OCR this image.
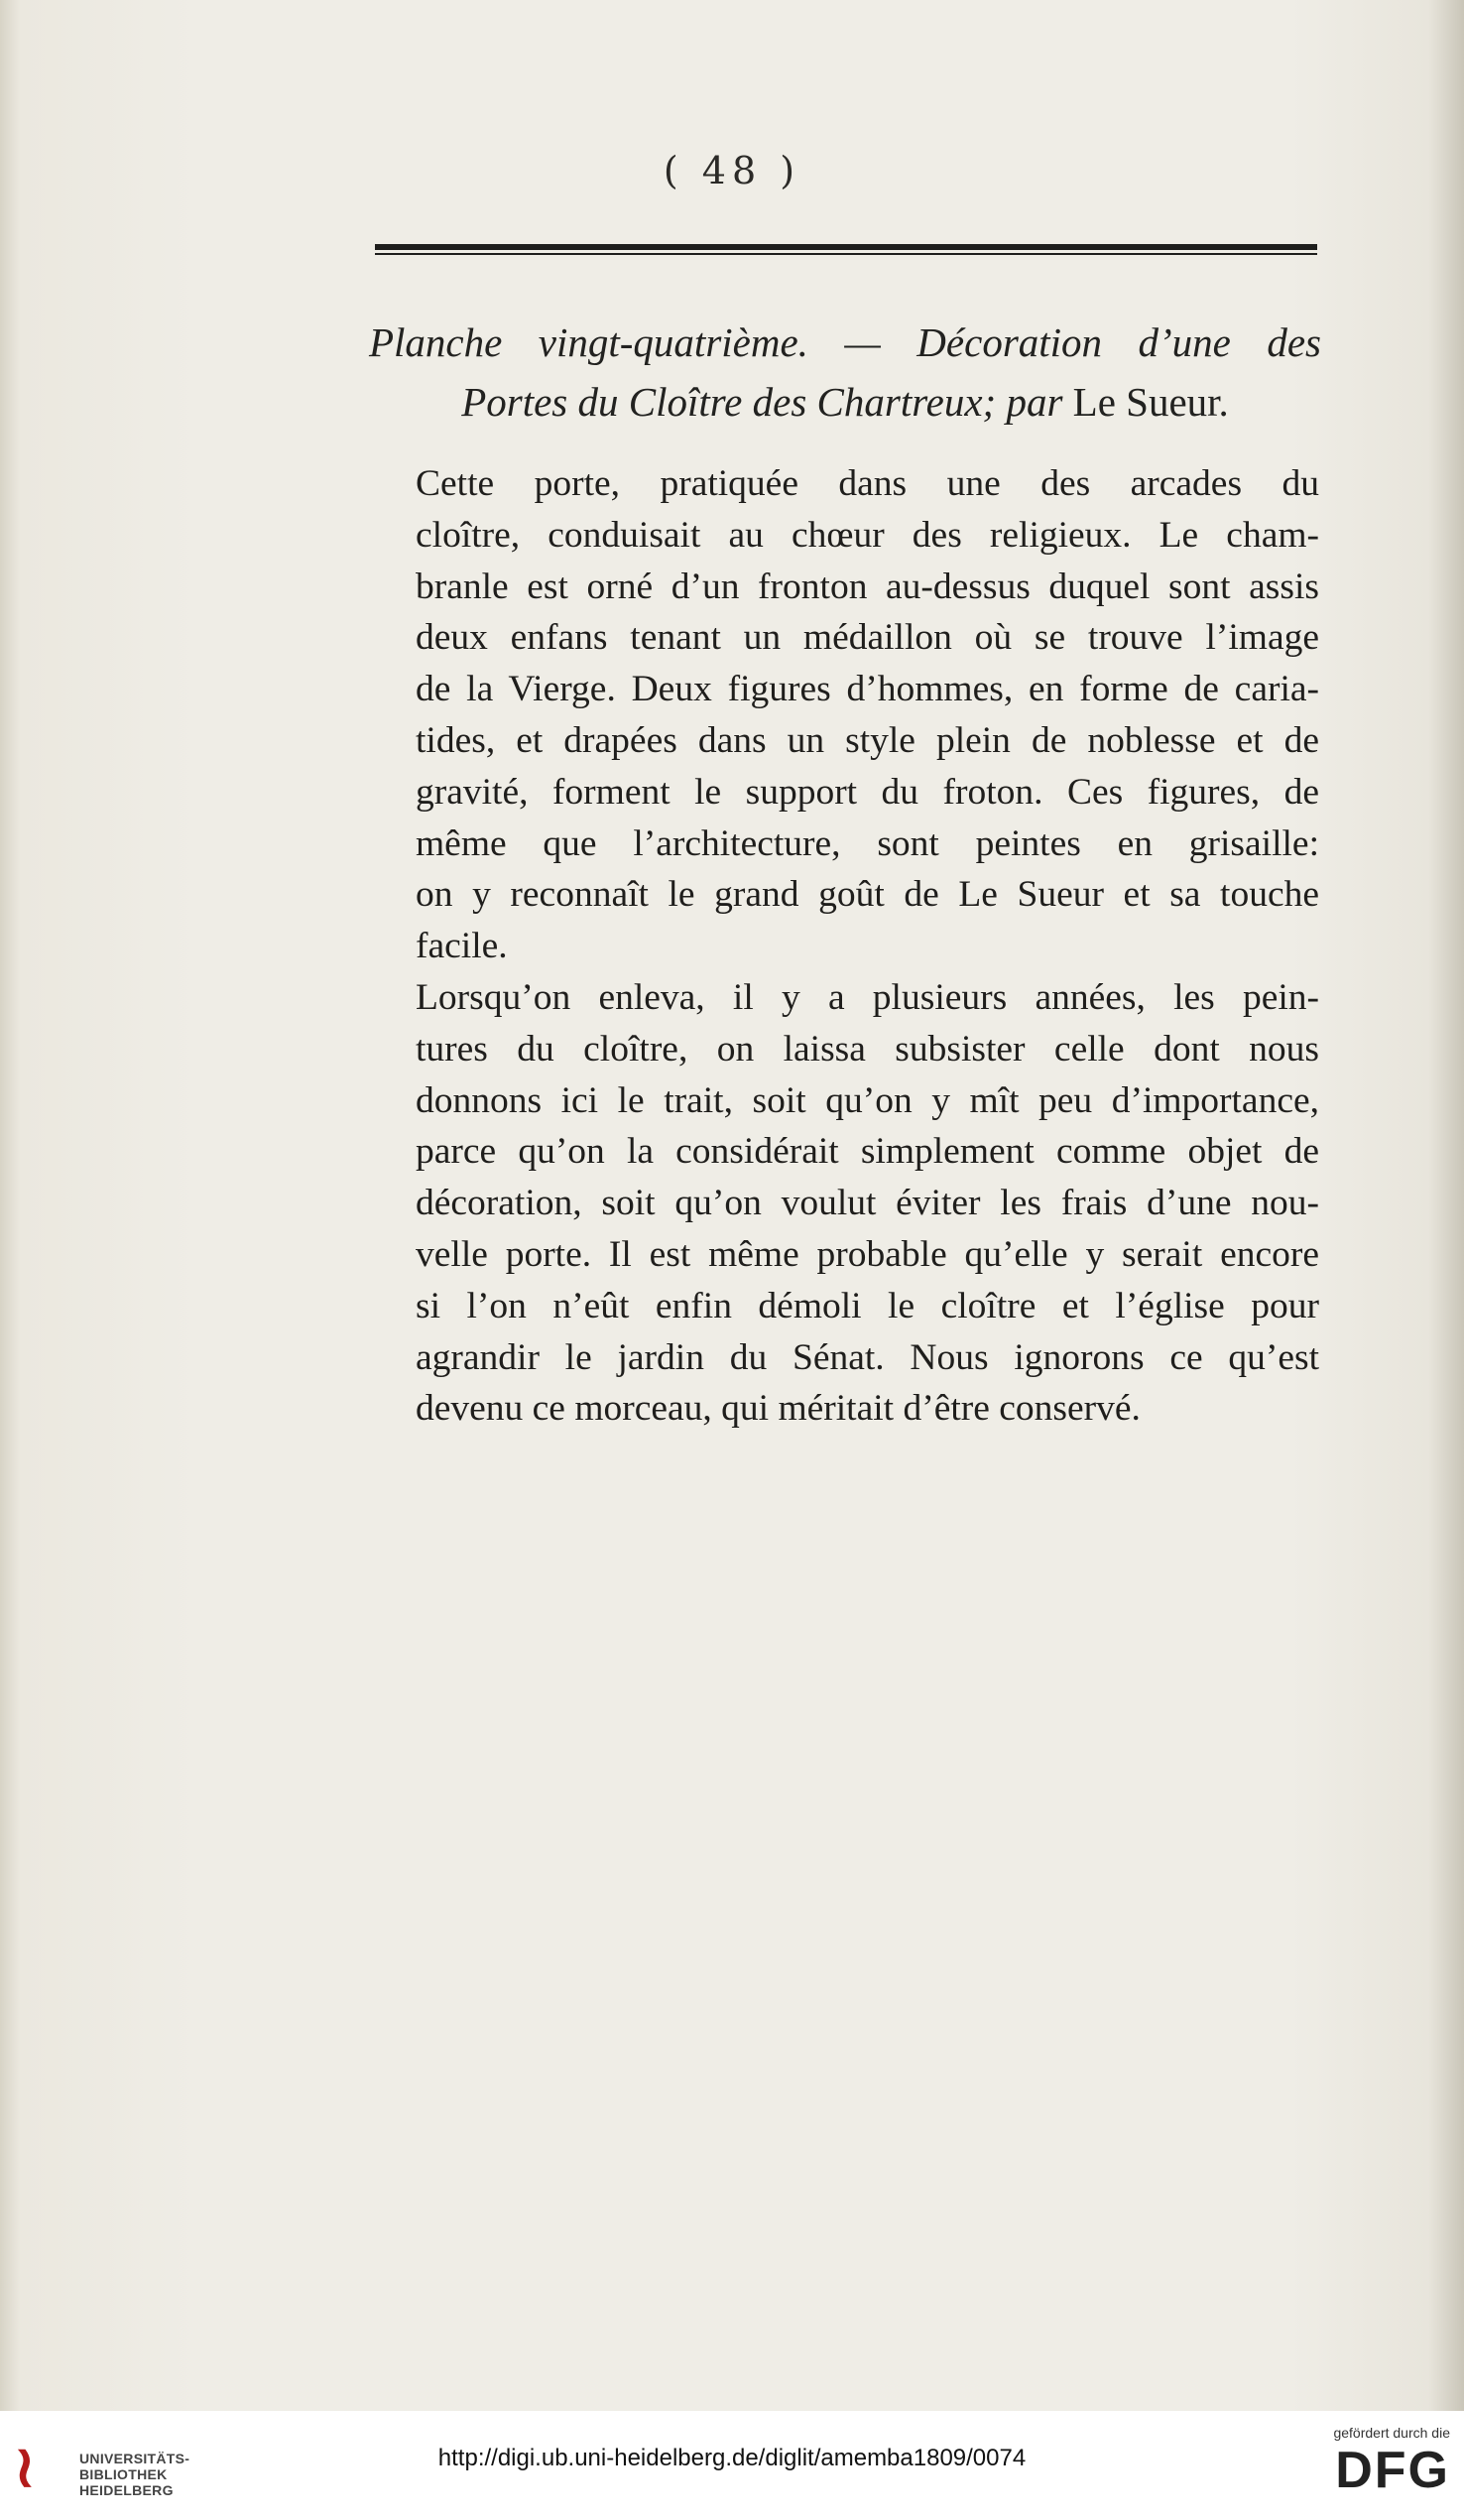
( 48 )
Planche vingt-quatrième. — Décoration d’une des
Portes du Cloître des Chartreux; par Le Sueur.

Cette porte, pratiquée dans une des arcades du
cloître, conduisait au chœur des religieux. Le cham-
branle est orné d’un fronton au-dessus duquel sont assis
deux enfans tenant un médaillon où se trouve l’image
de la Vierge. Deux figures d’hommes, en forme de caria-
tides, et drapées dans un style plein de noblesse et de
gravité, forment le support du froton. Ces figures, de
même que l’architecture, sont peintes en grisaille:
on y reconnaît le grand goût de Le Sueur et sa touche
facile.

Lorsqu’on enleva, il y a plusieurs années, les pein-
tures du cloître, on laissa subsister celle dont nous
donnons ici le trait, soit qu’on y mît peu d’importance,
parce qu’on la considérait simplement comme objet de
décoration, soit qu’on voulut éviter les frais d’une nou-
velle porte. Il est même probable qu’elle y serait encore
si l’on n’eût enfin démoli le cloître et l’église pour
agrandir le jardin du Sénat. Nous ignorons ce qu’est
devenu ce morceau, qui méritait d’être conservé.

≀	UNIVERSITÄTS-
BIBLIOTHEK
HEIDELBERG
http://digi.ub.uni-heidelberg.de/diglit/amemba1809/0074
gefördert durch die
DFG
